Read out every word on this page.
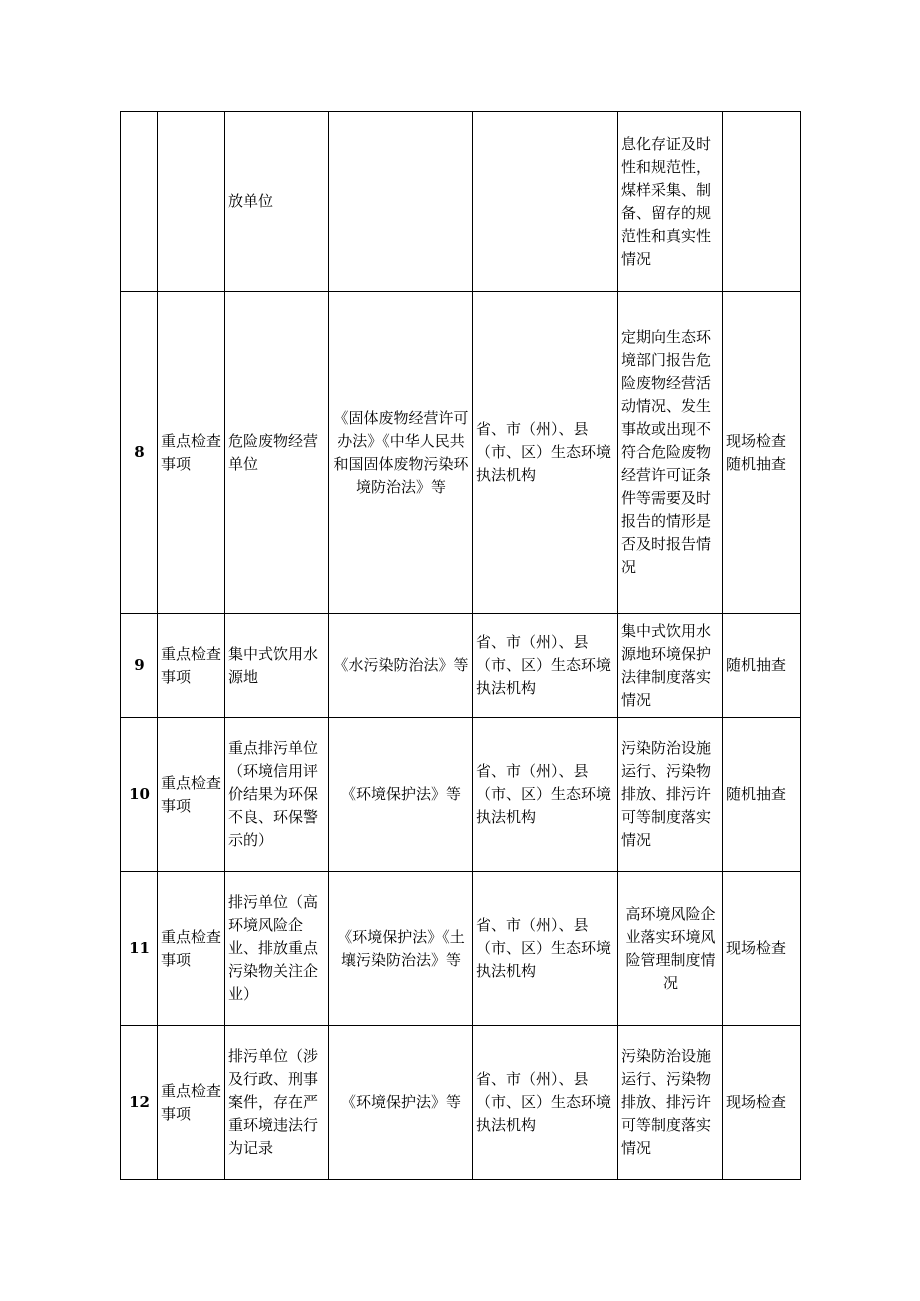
		放单位			息化存证及时性和规范性，煤样采集、制备、留存的规范性和真实性情况	
8	重点检查事项	危险废物经营单位	《固体废物经营许可办法》《中华人民共和国固体废物污染环境防治法》等	省、市（州）、县（市、区）生态环境执法机构	定期向生态环境部门报告危险废物经营活动情况、发生事故或出现不符合危险废物经营许可证条件等需要及时报告的情形是否及时报告情况	现场检查随机抽查
9	重点检查事项	集中式饮用水源地	《水污染防治法》等	省、市（州）、县（市、区）生态环境执法机构	集中式饮用水源地环境保护法律制度落实情况	随机抽查
10	重点检查事项	重点排污单位（环境信用评价结果为环保不良、环保警示的）	《环境保护法》等	省、市（州）、县（市、区）生态环境执法机构	污染防治设施运行、污染物排放、排污许可等制度落实情况	随机抽查
11	重点检查事项	排污单位（高环境风险企业、排放重点污染物关注企业）	《环境保护法》《土壤污染防治法》等	省、市（州）、县（市、区）生态环境执法机构	高环境风险企业落实环境风险管理制度情况	现场检查
12	重点检查事项	排污单位（涉及行政、刑事案件，存在严重环境违法行为记录	《环境保护法》等	省、市（州）、县（市、区）生态环境执法机构	污染防治设施运行、污染物排放、排污许可等制度落实情况	现场检查
